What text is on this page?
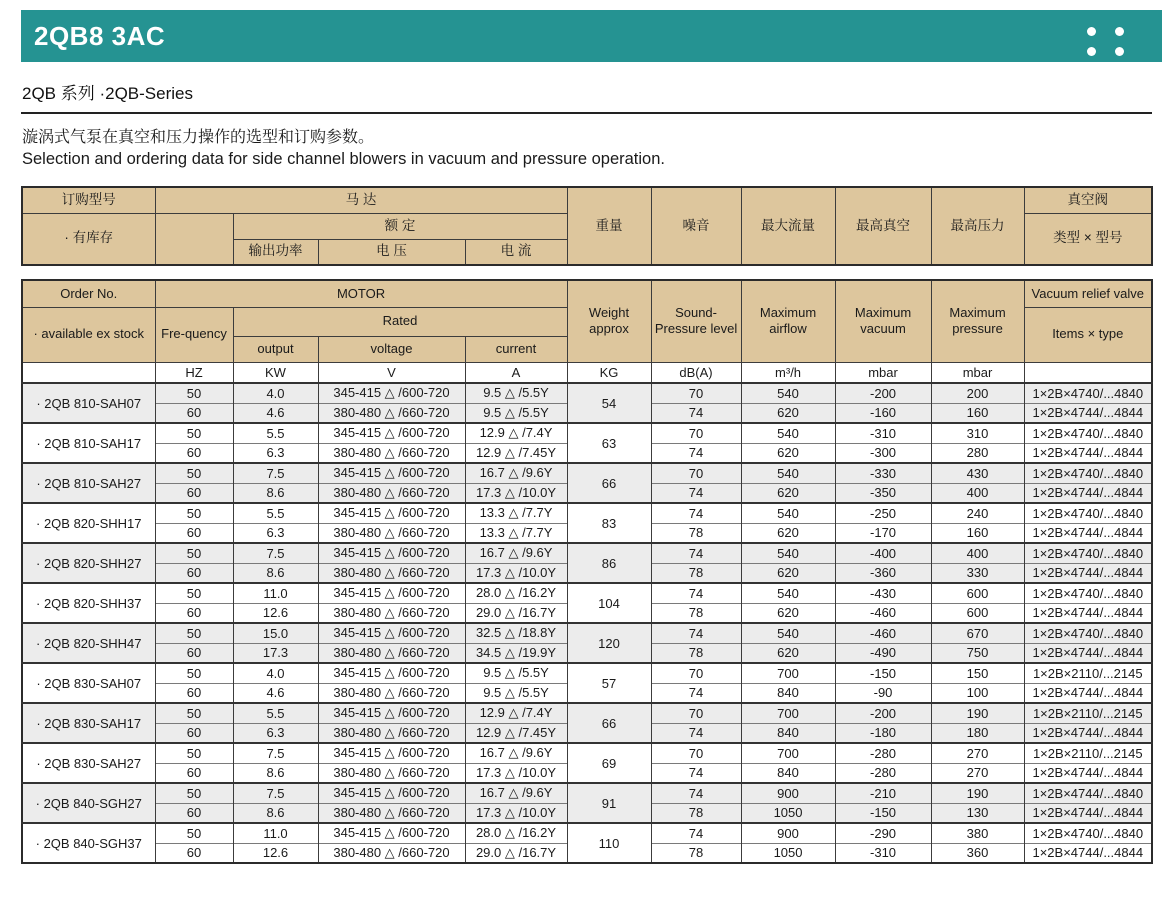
2QB8 3AC
2QB 系列 ·2QB-Series
漩涡式气泵在真空和压力操作的选型和订购参数。
Selection and ordering data for side channel blowers in vacuum and pressure operation.
订购型号	马 达				重量	噪音	最大流量	最高真空	最高压力	真空阀
· 有库存		额 定								类型 × 型号
		输出功率	电 压	电 流						
Order No.	MOTOR				Weight approx	Sound-Pressure level	Maximum airflow	Maximum vacuum	Maximum pressure	Vacuum relief valve
· available ex stock	Fre-quency	Rated								Items × type
		output	voltage	current						
	HZ	KW	V	A	KG	dB(A)	m³/h	mbar	mbar	
· 2QB 810-SAH07	50	4.0	345-415 △ /600-720	9.5 △ /5.5Y	54	70	540	-200	200	1×2B×4740/...4840
	60	4.6	380-480 △ /660-720	9.5 △ /5.5Y		74	620	-160	160	1×2B×4744/...4844
· 2QB 810-SAH17	50	5.5	345-415 △ /600-720	12.9 △ /7.4Y	63	70	540	-310	310	1×2B×4740/...4840
	60	6.3	380-480 △ /660-720	12.9 △ /7.45Y		74	620	-300	280	1×2B×4744/...4844
· 2QB 810-SAH27	50	7.5	345-415 △ /600-720	16.7 △ /9.6Y	66	70	540	-330	430	1×2B×4740/...4840
	60	8.6	380-480 △ /660-720	17.3 △ /10.0Y		74	620	-350	400	1×2B×4744/...4844
· 2QB 820-SHH17	50	5.5	345-415 △ /600-720	13.3 △ /7.7Y	83	74	540	-250	240	1×2B×4740/...4840
	60	6.3	380-480 △ /660-720	13.3 △ /7.7Y		78	620	-170	160	1×2B×4744/...4844
· 2QB 820-SHH27	50	7.5	345-415 △ /600-720	16.7 △ /9.6Y	86	74	540	-400	400	1×2B×4740/...4840
	60	8.6	380-480 △ /660-720	17.3 △ /10.0Y		78	620	-360	330	1×2B×4744/...4844
· 2QB 820-SHH37	50	11.0	345-415 △ /600-720	28.0 △ /16.2Y	104	74	540	-430	600	1×2B×4740/...4840
	60	12.6	380-480 △ /660-720	29.0 △ /16.7Y		78	620	-460	600	1×2B×4744/...4844
· 2QB 820-SHH47	50	15.0	345-415 △ /600-720	32.5 △ /18.8Y	120	74	540	-460	670	1×2B×4740/...4840
	60	17.3	380-480 △ /660-720	34.5 △ /19.9Y		78	620	-490	750	1×2B×4744/...4844
· 2QB 830-SAH07	50	4.0	345-415 △ /600-720	9.5 △ /5.5Y	57	70	700	-150	150	1×2B×2110/...2145
	60	4.6	380-480 △ /660-720	9.5 △ /5.5Y		74	840	-90	100	1×2B×4744/...4844
· 2QB 830-SAH17	50	5.5	345-415 △ /600-720	12.9 △ /7.4Y	66	70	700	-200	190	1×2B×2110/...2145
	60	6.3	380-480 △ /660-720	12.9 △ /7.45Y		74	840	-180	180	1×2B×4744/...4844
· 2QB 830-SAH27	50	7.5	345-415 △ /600-720	16.7 △ /9.6Y	69	70	700	-280	270	1×2B×2110/...2145
	60	8.6	380-480 △ /660-720	17.3 △ /10.0Y		74	840	-280	270	1×2B×4744/...4844
· 2QB 840-SGH27	50	7.5	345-415 △ /600-720	16.7 △ /9.6Y	91	74	900	-210	190	1×2B×4744/...4840
	60	8.6	380-480 △ /660-720	17.3 △ /10.0Y		78	1050	-150	130	1×2B×4744/...4844
· 2QB 840-SGH37	50	11.0	345-415 △ /600-720	28.0 △ /16.2Y	110	74	900	-290	380	1×2B×4740/...4840
	60	12.6	380-480 △ /660-720	29.0 △ /16.7Y		78	1050	-310	360	1×2B×4744/...4844
